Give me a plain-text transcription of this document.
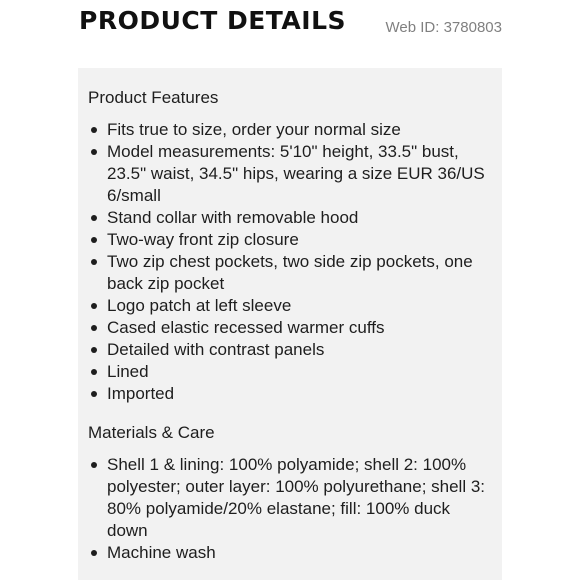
PRODUCT DETAILS	Web ID: 3780803
Product Features
Fits true to size, order your normal size
Model measurements: 5'10" height, 33.5" bust, 23.5" waist, 34.5" hips, wearing a size EUR 36/US 6/small
Stand collar with removable hood
Two-way front zip closure
Two zip chest pockets, two side zip pockets, one back zip pocket
Logo patch at left sleeve
Cased elastic recessed warmer cuffs
Detailed with contrast panels
Lined
Imported
Materials & Care
Shell 1 & lining: 100% polyamide; shell 2: 100% polyester; outer layer: 100% polyurethane; shell 3: 80% polyamide/20% elastane; fill: 100% duck down
Machine wash
